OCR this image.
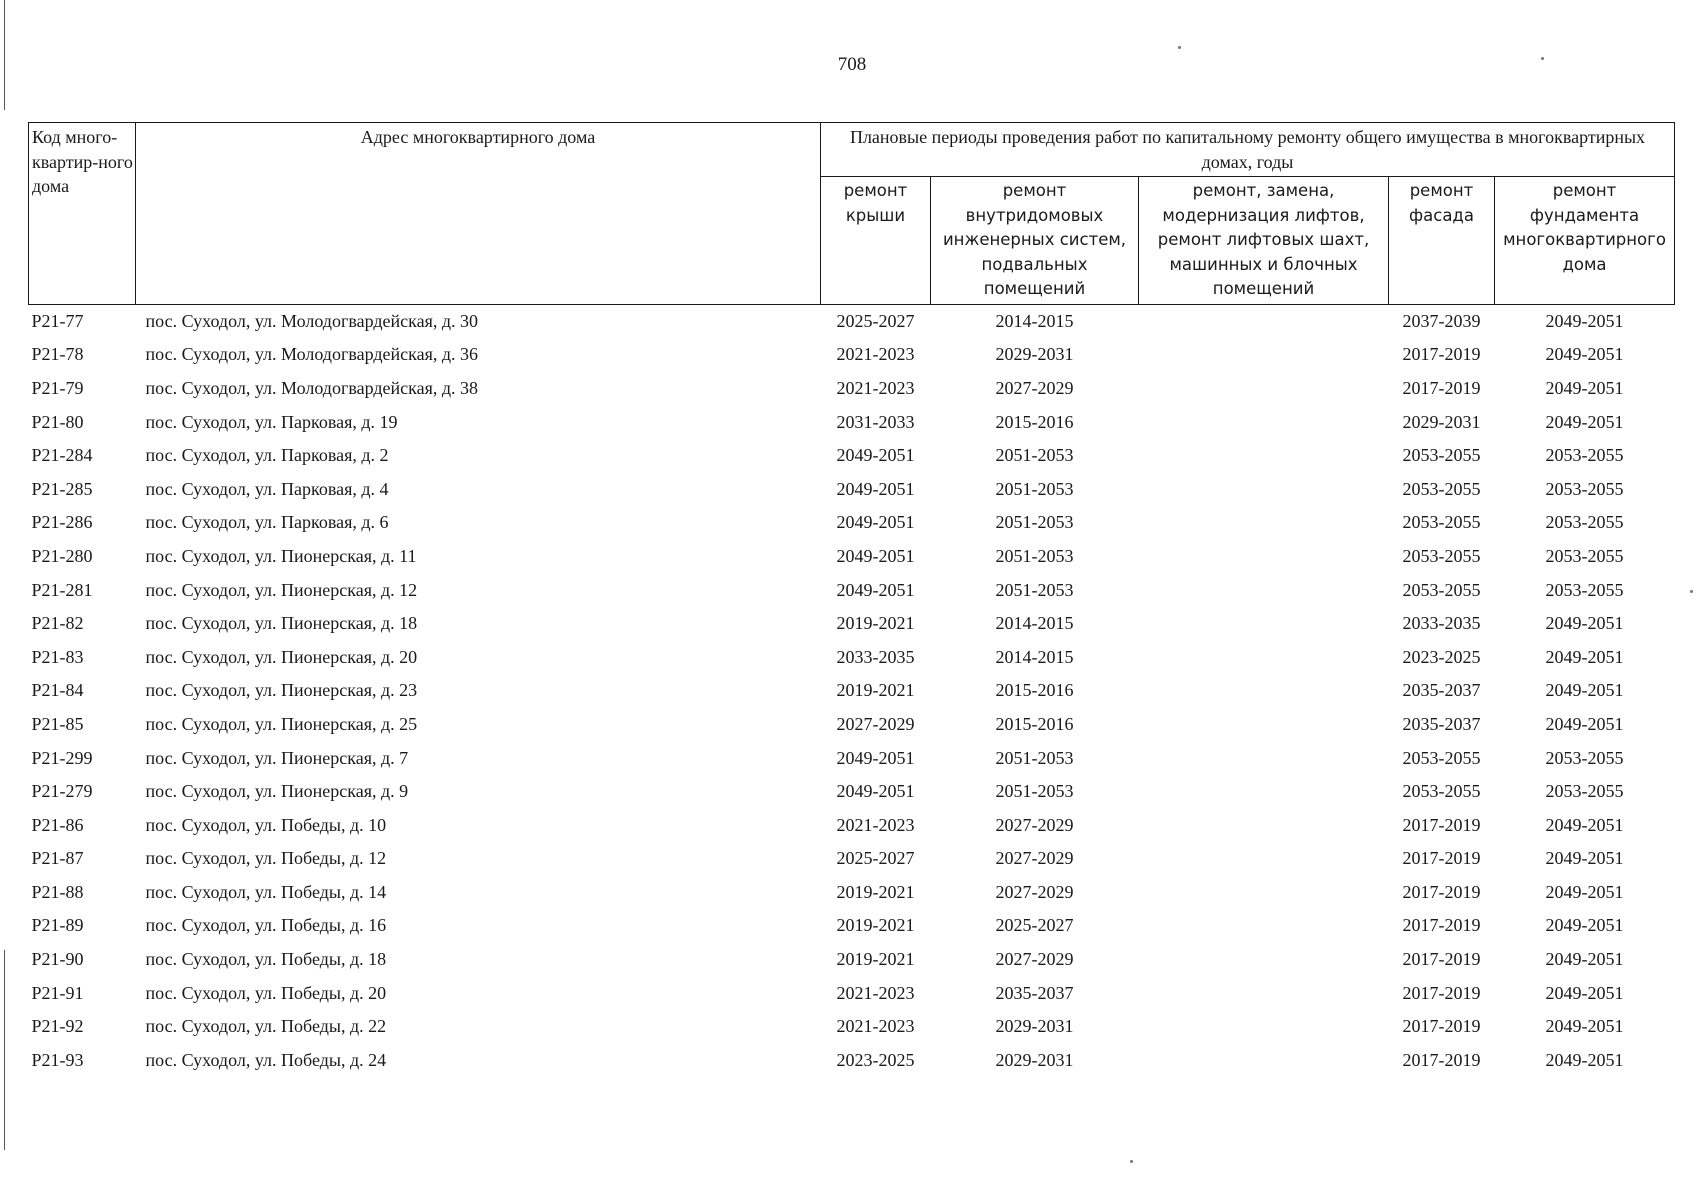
708
Код много-квартир-ного дома	Адрес многоквартирного дома	Плановые периоды проведения работ по капитальному ремонту общего имущества в многоквартирных домах, годы				
		ремонт крыши	ремонт внутридомовых инженерных систем, подвальных помещений	ремонт, замена, модернизация лифтов, ремонт лифтовых шахт, машинных и блочных помещений	ремонт фасада	ремонт фундамента многоквартирного дома
Р21-77	пос. Суходол, ул. Молодогвардейская, д. 30	2025-2027	2014-2015		2037-2039	2049-2051
Р21-78	пос. Суходол, ул. Молодогвардейская, д. 36	2021-2023	2029-2031		2017-2019	2049-2051
Р21-79	пос. Суходол, ул. Молодогвардейская, д. 38	2021-2023	2027-2029		2017-2019	2049-2051
Р21-80	пос. Суходол, ул. Парковая, д. 19	2031-2033	2015-2016		2029-2031	2049-2051
Р21-284	пос. Суходол, ул. Парковая, д. 2	2049-2051	2051-2053		2053-2055	2053-2055
Р21-285	пос. Суходол, ул. Парковая, д. 4	2049-2051	2051-2053		2053-2055	2053-2055
Р21-286	пос. Суходол, ул. Парковая, д. 6	2049-2051	2051-2053		2053-2055	2053-2055
Р21-280	пос. Суходол, ул. Пионерская, д. 11	2049-2051	2051-2053		2053-2055	2053-2055
Р21-281	пос. Суходол, ул. Пионерская, д. 12	2049-2051	2051-2053		2053-2055	2053-2055
Р21-82	пос. Суходол, ул. Пионерская, д. 18	2019-2021	2014-2015		2033-2035	2049-2051
Р21-83	пос. Суходол, ул. Пионерская, д. 20	2033-2035	2014-2015		2023-2025	2049-2051
Р21-84	пос. Суходол, ул. Пионерская, д. 23	2019-2021	2015-2016		2035-2037	2049-2051
Р21-85	пос. Суходол, ул. Пионерская, д. 25	2027-2029	2015-2016		2035-2037	2049-2051
Р21-299	пос. Суходол, ул. Пионерская, д. 7	2049-2051	2051-2053		2053-2055	2053-2055
Р21-279	пос. Суходол, ул. Пионерская, д. 9	2049-2051	2051-2053		2053-2055	2053-2055
Р21-86	пос. Суходол, ул. Победы, д. 10	2021-2023	2027-2029		2017-2019	2049-2051
Р21-87	пос. Суходол, ул. Победы, д. 12	2025-2027	2027-2029		2017-2019	2049-2051
Р21-88	пос. Суходол, ул. Победы, д. 14	2019-2021	2027-2029		2017-2019	2049-2051
Р21-89	пос. Суходол, ул. Победы, д. 16	2019-2021	2025-2027		2017-2019	2049-2051
Р21-90	пос. Суходол, ул. Победы, д. 18	2019-2021	2027-2029		2017-2019	2049-2051
Р21-91	пос. Суходол, ул. Победы, д. 20	2021-2023	2035-2037		2017-2019	2049-2051
Р21-92	пос. Суходол, ул. Победы, д. 22	2021-2023	2029-2031		2017-2019	2049-2051
Р21-93	пос. Суходол, ул. Победы, д. 24	2023-2025	2029-2031		2017-2019	2049-2051
